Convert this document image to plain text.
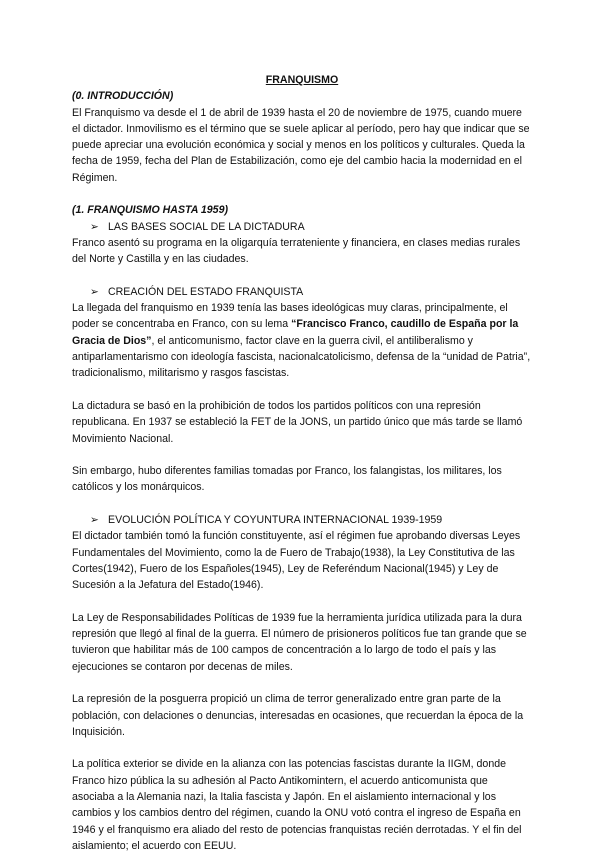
FRANQUISMO

(0. INTRODUCCIÓN)

El Franquismo va desde el 1 de abril de 1939 hasta el 20 de noviembre de 1975, cuando muere el dictador. Inmovilismo es el término que se suele aplicar al período, pero hay que indicar que se puede apreciar una evolución económica y social y menos en los políticos y culturales. Queda la fecha de 1959, fecha del Plan de Estabilización, como eje del cambio hacia la modernidad en el Régimen.

(1. FRANQUISMO HASTA 1959)

➢ LAS BASES SOCIAL DE LA DICTADURA

Franco asentó su programa en la oligarquía terrateniente y financiera, en clases medias rurales del Norte y Castilla y en las ciudades.

➢ CREACIÓN DEL ESTADO FRANQUISTA

La llegada del franquismo en 1939 tenía las bases ideológicas muy claras, principalmente, el poder se concentraba en Franco, con su lema “Francisco Franco, caudillo de España por la Gracia de Dios”, el anticomunismo, factor clave en la guerra civil, el antiliberalismo y antiparlamentarismo con ideología fascista, nacionalcatolicismo, defensa de la “unidad de Patria”, tradicionalismo, militarismo y rasgos fascistas.

La dictadura se basó en la prohibición de todos los partidos políticos con una represión republicana. En 1937 se estableció la FET de la JONS, un partido único que más tarde se llamó Movimiento Nacional.

Sin embargo, hubo diferentes familias tomadas por Franco, los falangistas, los militares, los católicos y los monárquicos.

➢ EVOLUCIÓN POLÍTICA Y COYUNTURA INTERNACIONAL 1939-1959

El dictador también tomó la función constituyente, así el régimen fue aprobando diversas Leyes Fundamentales del Movimiento, como la de Fuero de Trabajo(1938), la Ley Constitutiva de las Cortes(1942), Fuero de los Españoles(1945), Ley de Referéndum Nacional(1945) y Ley de Sucesión a la Jefatura del Estado(1946).

La Ley de Responsabilidades Políticas de 1939 fue la herramienta jurídica utilizada para la dura represión que llegó al final de la guerra. El número de prisioneros políticos fue tan grande que se tuvieron que habilitar más de 100 campos de concentración a lo largo de todo el país y las ejecuciones se contaron por decenas de miles.

La represión de la posguerra propició un clima de terror generalizado entre gran parte de la población, con delaciones o denuncias, interesadas en ocasiones, que recuerdan la época de la Inquisición.

La política exterior se divide en la alianza con las potencias fascistas durante la IIGM, donde Franco hizo pública la su adhesión al Pacto Antikomintern, el acuerdo anticomunista que asociaba a la Alemania nazi, la Italia fascista y Japón. En el aislamiento internacional y los cambios y los cambios dentro del régimen, cuando la ONU votó contra el ingreso de España en 1946 y el franquismo era aliado del resto de potencias franquistas recién derrotadas. Y el fin del aislamiento; el acuerdo con EEUU.
